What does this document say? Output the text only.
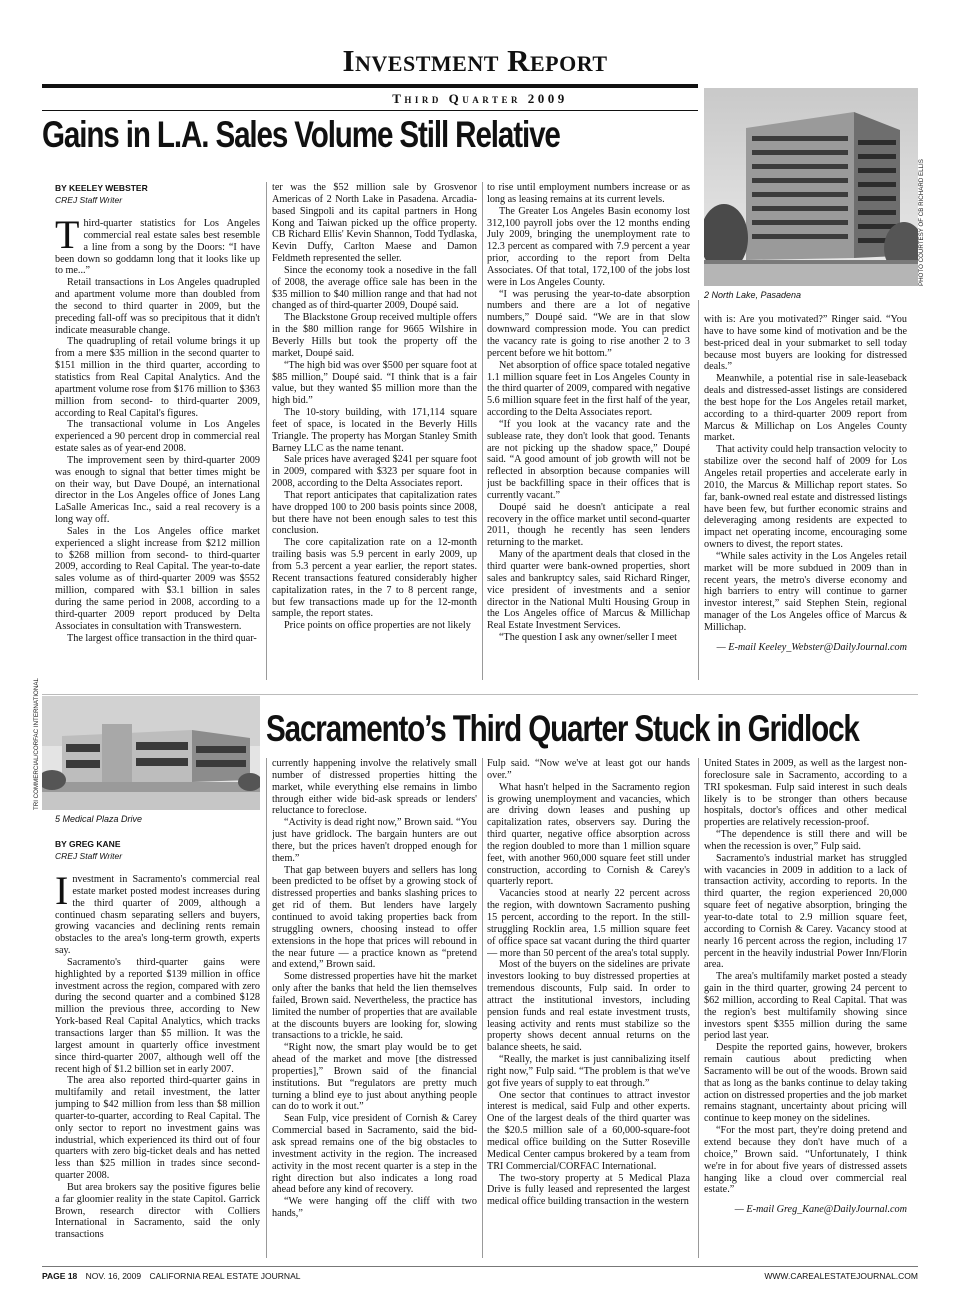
Investment Report
Third Quarter 2009
Gains in L.A. Sales Volume Still Relative
PHOTO COURTESY OF CB RICHARD ELLIS
2 North Lake, Pasadena
BY KEELEY WEBSTER
CREJ Staff Writer
T hird-quarter statistics for Los Angeles commercial real estate sales best resemble a line from a song by the Doors: “I have been down so goddamn long that it looks like up to me...”

Retail transactions in Los Angeles quadrupled and apartment volume more than doubled from the second to third quarter in 2009, but the preceding fall-off was so precipitous that it didn't indicate measurable change.

The quadrupling of retail volume brings it up from a mere $35 million in the second quarter to $151 million in the third quarter, according to statistics from Real Capital Analytics. And the apartment volume rose from $176 million to $363 million from second- to third-quarter 2009, according to Real Capital's figures.

The transactional volume in Los Angeles experienced a 90 percent drop in commercial real estate sales as of year-end 2008.

The improvement seen by third-quarter 2009 was enough to signal that better times might be on their way, but Dave Doupé, an international director in the Los Angeles office of Jones Lang LaSalle Americas Inc., said a real recovery is a long way off.

Sales in the Los Angeles office market experienced a slight increase from $212 million to $268 million from second- to third-quarter 2009, according to Real Capital. The year-to-date sales volume as of third-quarter 2009 was $552 million, compared with $3.1 billion in sales during the same period in 2008, according to a third-quarter 2009 report produced by Delta Associates in consultation with Transwestern.

The largest office transaction in the third quar-

ter was the $52 million sale by Grosvenor Americas of 2 North Lake in Pasadena. Arcadia-based Singpoli and its capital partners in Hong Kong and Taiwan picked up the office property. CB Richard Ellis' Kevin Shannon, Todd Tydlaska, Kevin Duffy, Carlton Maese and Damon Feldmeth represented the seller.

Since the economy took a nosedive in the fall of 2008, the average office sale has been in the $35 million to $40 million range and that had not changed as of third-quarter 2009, Doupé said.

The Blackstone Group received multiple offers in the $80 million range for 9665 Wilshire in Beverly Hills but took the property off the market, Doupé said.

“The high bid was over $500 per square foot at $85 million,” Doupé said. “I think that is a fair value, but they wanted $5 million more than the high bid.”

The 10-story building, with 171,114 square feet of space, is located in the Beverly Hills Triangle. The property has Morgan Stanley Smith Barney LLC as the name tenant.

Sale prices have averaged $241 per square foot in 2009, compared with $323 per square foot in 2008, according to the Delta Associates report.

That report anticipates that capitalization rates have dropped 100 to 200 basis points since 2008, but there have not been enough sales to test this conclusion.

The core capitalization rate on a 12-month trailing basis was 5.9 percent in early 2009, up from 5.3 percent a year earlier, the report states. Recent transactions featured considerably higher capitalization rates, in the 7 to 8 percent range, but few transactions made up for the 12-month sample, the report states.

Price points on office properties are not likely

to rise until employment numbers increase or as long as leasing remains at its current levels.

The Greater Los Angeles Basin economy lost 312,100 payroll jobs over the 12 months ending July 2009, bringing the unemployment rate to 12.3 percent as compared with 7.9 percent a year prior, according to the report from Delta Associates. Of that total, 172,100 of the jobs lost were in Los Angeles County.

“I was perusing the year-to-date absorption numbers and there are a lot of negative numbers,” Doupé said. “We are in that slow downward compression mode. You can predict the vacancy rate is going to rise another 2 to 3 percent before we hit bottom.”

Net absorption of office space totaled negative 1.1 million square feet in Los Angeles County in the third quarter of 2009, compared with negative 5.6 million square feet in the first half of the year, according to the Delta Associates report.

“If you look at the vacancy rate and the sublease rate, they don't look that good. Tenants are not picking up the shadow space,” Doupé said. “A good amount of job growth will not be reflected in absorption because companies will just be backfilling space in their offices that is currently vacant.”

Doupé said he doesn't anticipate a real recovery in the office market until second-quarter 2011, though he recently has seen lenders returning to the market.

Many of the apartment deals that closed in the third quarter were bank-owned properties, short sales and bankruptcy sales, said Richard Ringer, vice president of investments and a senior director in the National Multi Housing Group in the Los Angeles office of Marcus & Millichap Real Estate Investment Services.

“The question I ask any owner/seller I meet

with is: Are you motivated?” Ringer said. “You have to have some kind of motivation and be the best-priced deal in your submarket to sell today because most buyers are looking for distressed deals.”

Meanwhile, a potential rise in sale-leaseback deals and distressed-asset listings are considered the best hope for the Los Angeles retail market, according to a third-quarter 2009 report from Marcus & Millichap on Los Angeles County market.

That activity could help transaction velocity to stabilize over the second half of 2009 for Los Angeles retail properties and accelerate early in 2010, the Marcus & Millichap report states. So far, bank-owned real estate and distressed listings have been few, but further economic strains and deleveraging among residents are expected to impact net operating income, encouraging some owners to divest, the report states.

“While sales activity in the Los Angeles retail market will be more subdued in 2009 than in recent years, the metro's diverse economy and high barriers to entry will continue to garner investor interest,” said Stephen Stein, regional manager of the Los Angeles office of Marcus & Millichap.

— E-mail Keeley_Webster@DailyJournal.com

TRI COMMERCIAL/CORFAC INTERNATIONAL
5 Medical Plaza Drive
Sacramento’s Third Quarter Stuck in Gridlock
BY GREG KANE
CREJ Staff Writer
I nvestment in Sacramento's commercial real estate market posted modest increases during the third quarter of 2009, although a continued chasm separating sellers and buyers, growing vacancies and declining rents remain obstacles to the area's long-term growth, experts say.

Sacramento's third-quarter gains were highlighted by a reported $139 million in office investment across the region, compared with zero during the second quarter and a combined $128 million the previous three, according to New York-based Real Capital Analytics, which tracks transactions larger than $5 million. It was the largest amount in quarterly office investment since third-quarter 2007, although well off the recent high of $1.2 billion set in early 2007.

The area also reported third-quarter gains in multifamily and retail investment, the latter jumping to $42 million from less than $8 million quarter-to-quarter, according to Real Capital. The only sector to report no investment gains was industrial, which experienced its third out of four quarters with zero big-ticket deals and has netted less than $25 million in trades since second-quarter 2008.

But area brokers say the positive figures belie a far gloomier reality in the state Capitol. Garrick Brown, research director with Colliers International in Sacramento, said the only transactions

currently happening involve the relatively small number of distressed properties hitting the market, while everything else remains in limbo through either wide bid-ask spreads or lenders' reluctance to foreclose.

“Activity is dead right now,” Brown said. “You just have gridlock. The bargain hunters are out there, but the prices haven't dropped enough for them.”

That gap between buyers and sellers has long been predicted to be offset by a growing stock of distressed properties and banks slashing prices to get rid of them. But lenders have largely continued to avoid taking properties back from struggling owners, choosing instead to offer extensions in the hope that prices will rebound in the near future — a practice known as “pretend and extend,” Brown said.

Some distressed properties have hit the market only after the banks that held the lien themselves failed, Brown said. Nevertheless, the practice has limited the number of properties that are available at the discounts buyers are looking for, slowing transactions to a trickle, he said.

“Right now, the smart play would be to get ahead of the market and move [the distressed properties],” Brown said of the financial institutions. But “regulators are pretty much turning a blind eye to just about anything people can do to work it out.”

Sean Fulp, vice president of Cornish & Carey Commercial based in Sacramento, said the bid-ask spread remains one of the big obstacles to investment activity in the region. The increased activity in the most recent quarter is a step in the right direction but also indicates a long road ahead before any kind of recovery.

“We were hanging off the cliff with two hands,”

Fulp said. “Now we've at least got our hands over.”

What hasn't helped in the Sacramento region is growing unemployment and vacancies, which are driving down leases and pushing up capitalization rates, observers say. During the third quarter, negative office absorption across the region doubled to more than 1 million square feet, with another 960,000 square feet still under construction, according to Cornish & Carey's quarterly report.

Vacancies stood at nearly 22 percent across the region, with downtown Sacramento pushing 15 percent, according to the report. In the still-struggling Rocklin area, 1.5 million square feet of office space sat vacant during the third quarter — more than 50 percent of the area's total supply.

Most of the buyers on the sidelines are private investors looking to buy distressed properties at tremendous discounts, Fulp said. In order to attract the institutional investors, including pension funds and real estate investment trusts, leasing activity and rents must stabilize so the property shows decent annual returns on the balance sheets, he said.

“Really, the market is just cannibalizing itself right now,” Fulp said. “The problem is that we've got five years of supply to eat through.”

One sector that continues to attract investor interest is medical, said Fulp and other experts. One of the largest deals of the third quarter was the $20.5 million sale of a 60,000-square-foot medical office building on the Sutter Roseville Medical Center campus brokered by a team from TRI Commercial/CORFAC International.

The two-story property at 5 Medical Plaza Drive is fully leased and represented the largest medical office building transaction in the western

United States in 2009, as well as the largest non-foreclosure sale in Sacramento, according to a TRI spokesman. Fulp said interest in such deals likely is to be stronger than others because hospitals, doctor's offices and other medical properties are relatively recession-proof.

“The dependence is still there and will be when the recession is over,” Fulp said.

Sacramento's industrial market has struggled with vacancies in 2009 in addition to a lack of transaction activity, according to reports. In the third quarter, the region experienced 20,000 square feet of negative absorption, bringing the year-to-date total to 2.9 million square feet, according to Cornish & Carey. Vacancy stood at nearly 16 percent across the region, including 17 percent in the heavily industrial Power Inn/Florin area.

The area's multifamily market posted a steady gain in the third quarter, growing 24 percent to $62 million, according to Real Capital. That was the region's best multifamily showing since investors spent $355 million during the same period last year.

Despite the reported gains, however, brokers remain cautious about predicting when Sacramento will be out of the woods. Brown said that as long as the banks continue to delay taking action on distressed properties and the job market remains stagnant, uncertainty about pricing will continue to keep money on the sidelines.

“For the most part, they're doing pretend and extend because they don't have much of a choice,” Brown said. “Unfortunately, I think we're in for about five years of distressed assets hanging like a cloud over commercial real estate.”

— E-mail Greg_Kane@DailyJournal.com

PAGE 18 NOV. 16, 2009 CALIFORNIA REAL ESTATE JOURNAL	WWW.CAREALESTATEJOURNAL.COM
